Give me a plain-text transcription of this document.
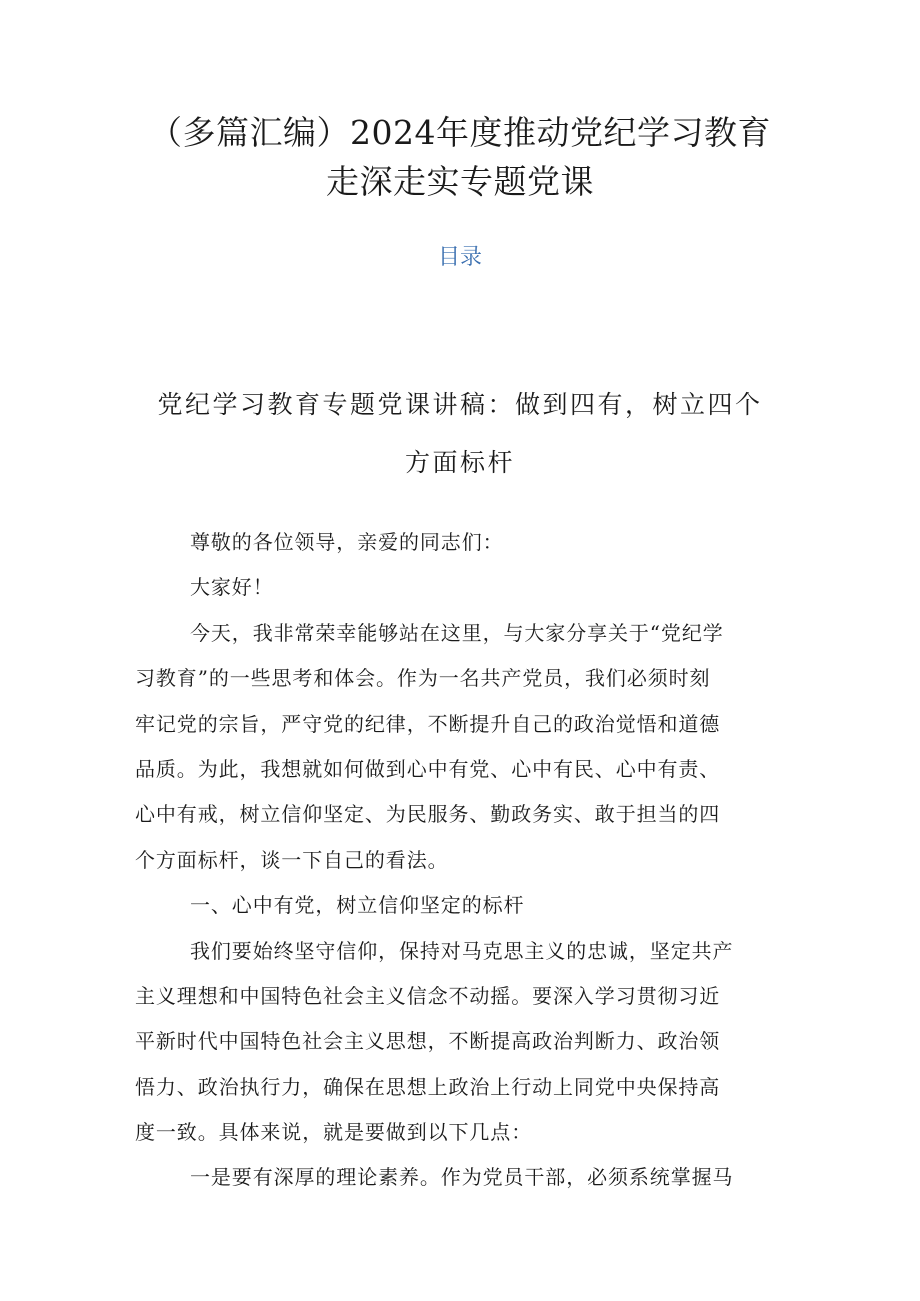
（多篇汇编）2024年度推动党纪学习教育
走深走实专题党课
目录
党纪学习教育专题党课讲稿：做到四有，树立四个
方面标杆
尊敬的各位领导，亲爱的同志们：
大家好！
今天，我非常荣幸能够站在这里，与大家分享关于“党纪学
习教育”的一些思考和体会。作为一名共产党员，我们必须时刻
牢记党的宗旨，严守党的纪律，不断提升自己的政治觉悟和道德
品质。为此，我想就如何做到心中有党、心中有民、心中有责、
心中有戒，树立信仰坚定、为民服务、勤政务实、敢于担当的四
个方面标杆，谈一下自己的看法。
一、心中有党，树立信仰坚定的标杆
我们要始终坚守信仰，保持对马克思主义的忠诚，坚定共产
主义理想和中国特色社会主义信念不动摇。要深入学习贯彻习近
平新时代中国特色社会主义思想，不断提高政治判断力、政治领
悟力、政治执行力，确保在思想上政治上行动上同党中央保持高
度一致。具体来说，就是要做到以下几点：
一是要有深厚的理论素养。作为党员干部，必须系统掌握马
